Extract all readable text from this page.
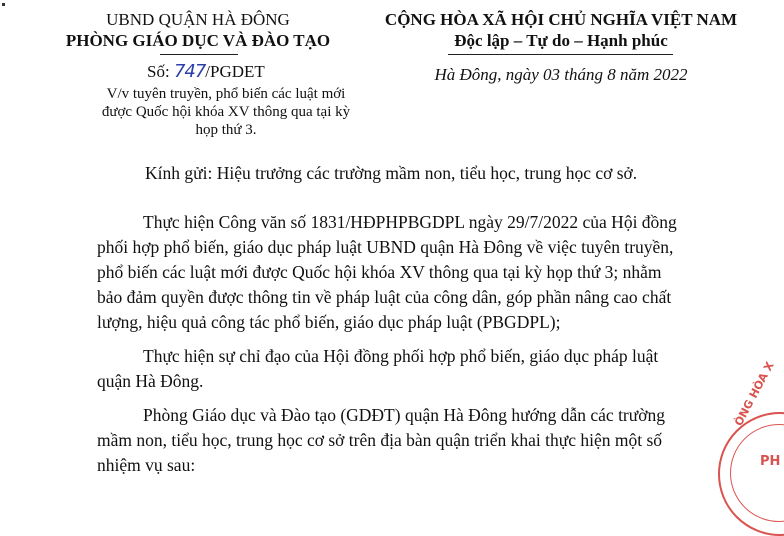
UBND QUẬN HÀ ĐÔNG
PHÒNG GIÁO DỤC VÀ ĐÀO TẠO
Số: 747/PGDET
V/v tuyên truyền, phổ biến các luật mới
được Quốc hội khóa XV thông qua tại kỳ
họp thứ 3.
CỘNG HÒA XÃ HỘI CHỦ NGHĨA VIỆT NAM
Độc lập – Tự do – Hạnh phúc
Hà Đông, ngày 03 tháng 8 năm 2022
Kính gửi: Hiệu trưởng các trường mầm non, tiểu học, trung học cơ sở.
Thực hiện Công văn số 1831/HĐPHPBGDPL ngày 29/7/2022 của Hội đồng
phối hợp phổ biến, giáo dục pháp luật UBND quận Hà Đông về việc tuyên truyền,
phổ biến các luật mới được Quốc hội khóa XV thông qua tại kỳ họp thứ 3; nhằm
bảo đảm quyền được thông tin về pháp luật của công dân, góp phần nâng cao chất
lượng, hiệu quả công tác phổ biến, giáo dục pháp luật (PBGDPL);
Thực hiện sự chỉ đạo của Hội đồng phối hợp phổ biến, giáo dục pháp luật
quận Hà Đông.
Phòng Giáo dục và Đào tạo (GDĐT) quận Hà Đông hướng dẫn các trường
mầm non, tiểu học, trung học cơ sở trên địa bàn quận triển khai thực hiện một số
nhiệm vụ sau:
ÒNG HÒA X
PH
